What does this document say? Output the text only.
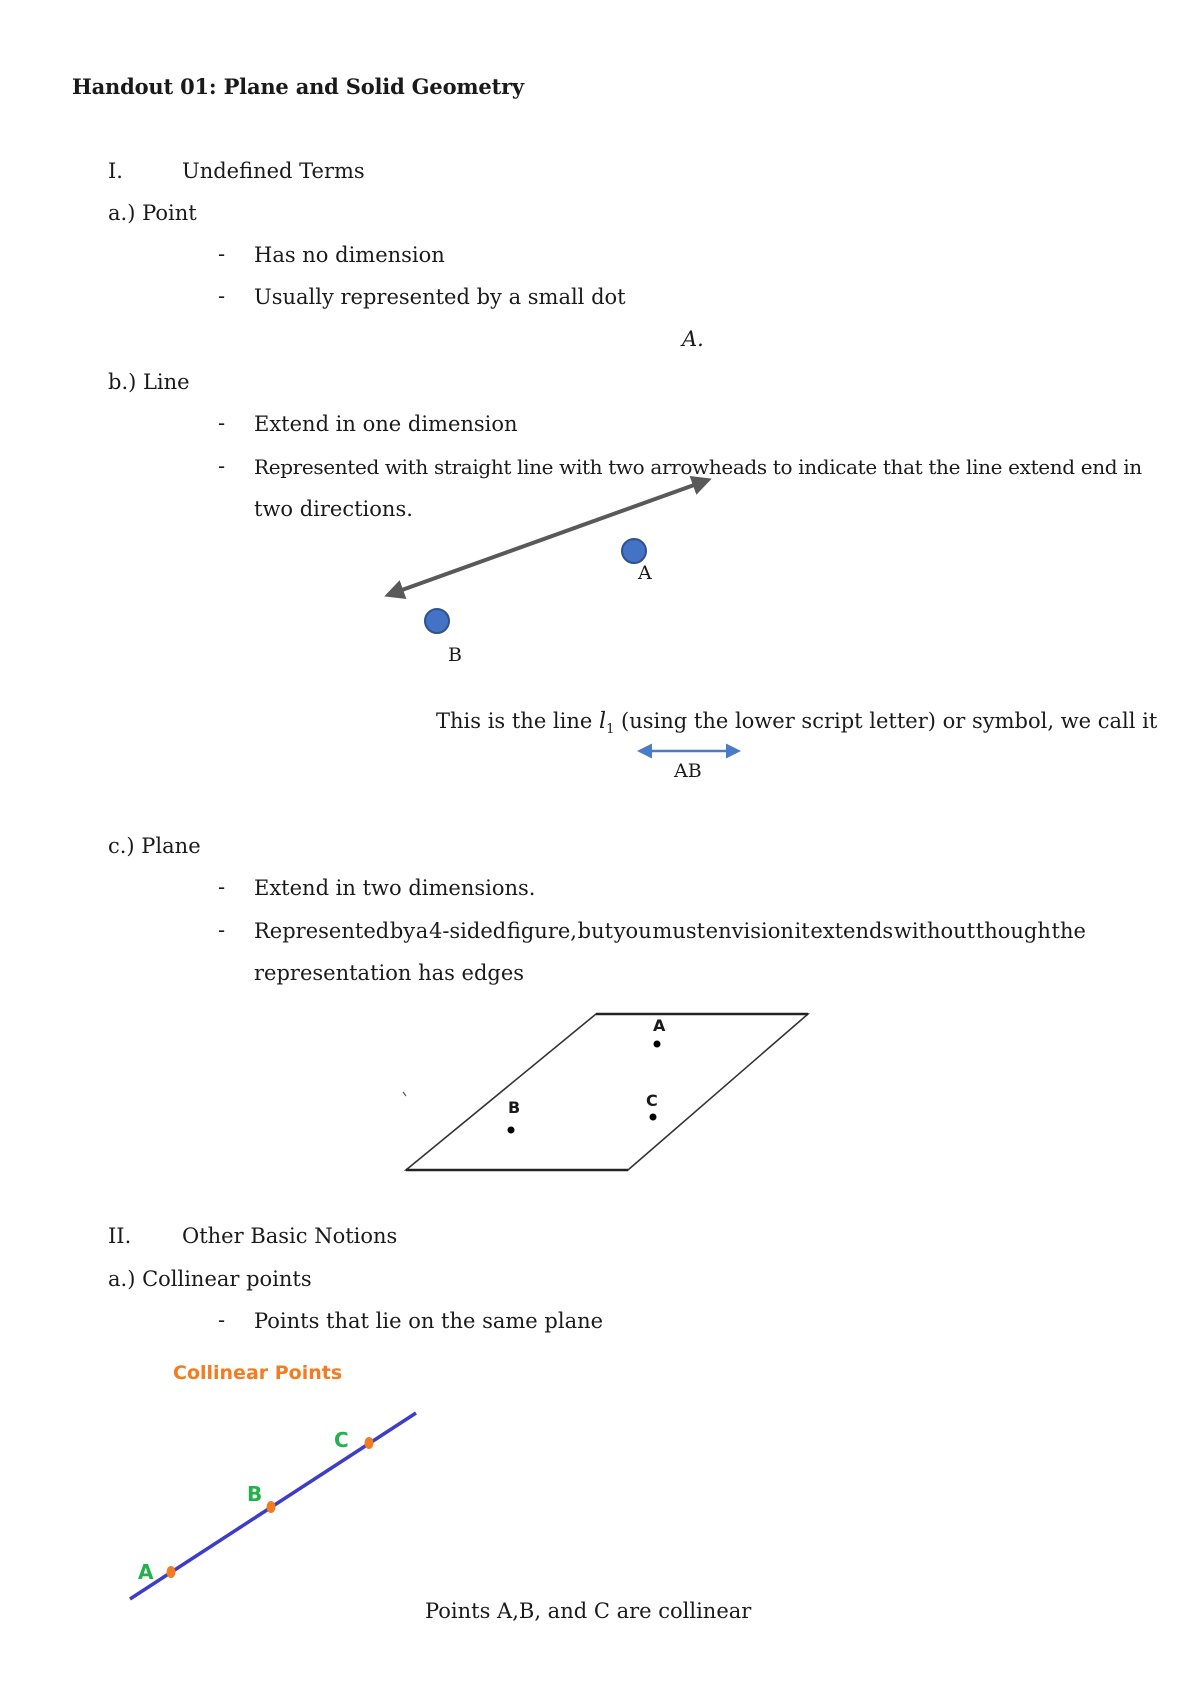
Handout 01: Plane and Solid Geometry
I.	Undefined Terms
a.) Point
- Has no dimension
- Usually represented by a small dot
A.
b.) Line
- Extend in one dimension
- Represented with straight line with two arrowheads to indicate that the line extend end in
two directions.
A
B
This is the line $l_1$ (using the lower script letter) or symbol, we call it
AB
c.) Plane
- Extend in two dimensions.
- Represented by a 4-sided figure, but you must envision it extends without though the
representation has edges
A
B	C
II. Other Basic Notions
a.) Collinear points
- Points that lie on the same plane
Collinear Points
A
B
C
Points A,B, and C are collinear
